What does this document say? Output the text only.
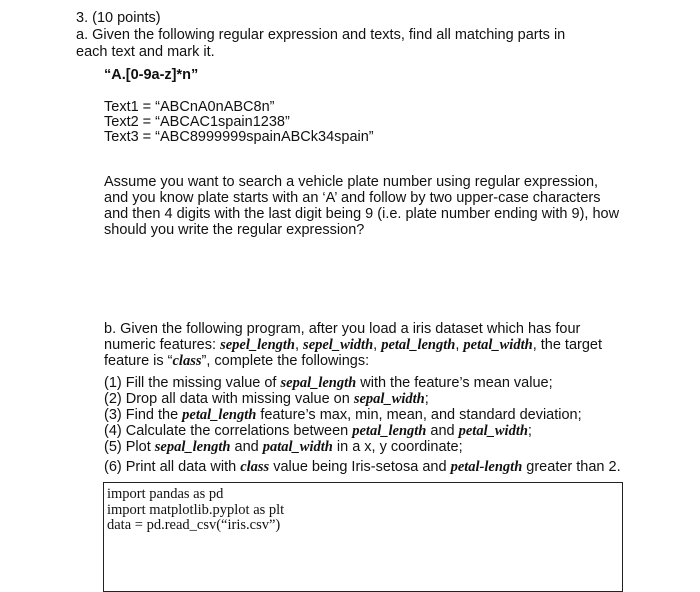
3. (10 points)
a. Given the following regular expression and texts, find all matching parts in
each text and mark it.
“A.[0-9a-z]*n”
Text1 = “ABCnA0nABC8n”
Text2 = “ABCAC1spain1238”
Text3 = “ABC8999999spainABCk34spain”
Assume you want to search a vehicle plate number using regular expression,
and you know plate starts with an ‘A’ and follow by two upper-case characters
and then 4 digits with the last digit being 9 (i.e. plate number ending with 9), how
should you write the regular expression?
b. Given the following program, after you load a iris dataset which has four
numeric features: sepel_length, sepel_width, petal_length, petal_width, the target
feature is “class”, complete the followings:
(1) Fill the missing value of sepal_length with the feature’s mean value;
(2) Drop all data with missing value on sepal_width;
(3) Find the petal_length feature’s max, min, mean, and standard deviation;
(4) Calculate the correlations between petal_length and petal_width;
(5) Plot sepal_length and patal_width in a x, y coordinate;
(6) Print all data with class value being Iris-setosa and petal-length greater than 2.
import pandas as pd
import matplotlib.pyplot as plt
data = pd.read_csv(“iris.csv”)
